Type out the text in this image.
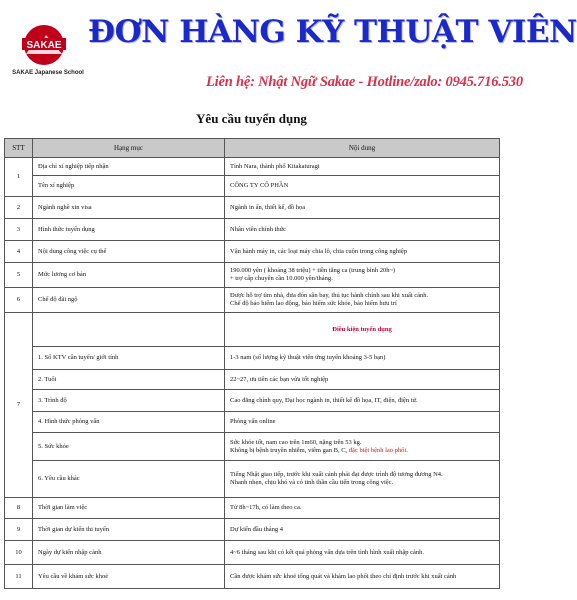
SAKAE
SAKAE Japanese School
ĐƠN HÀNG KỸ THUẬT VIÊN
Liên hệ: Nhật Ngữ Sakae - Hotline/zalo: 0945.716.530
Yêu cầu tuyển dụng
STT	Hạng mục	Nội dung
1	Địa chỉ xí nghiệp tiếp nhận	Tỉnh Nara, thành phố Kitakaturagi
	Tên xí nghiệp	CÔNG TY CỔ PHẦN
2	Ngành nghề xin visa	Ngành in ấn, thiết kế, đồ họa
3	Hình thức tuyển dụng	Nhân viên chính thức
4	Nội dung công việc cụ thể	Vận hành máy in, các loại máy chia lô, chia cuộn trong công nghiệp
5	Mức lương cơ bản	190.000 yên ( khoảng 38 triệu) + tiền tăng ca (trung bình 20h~)
+ trợ cấp chuyên cần 10.000 yên/tháng.

6	Chế độ đãi ngộ	Được hỗ trợ tìm nhà, đưa đón sân bay, thủ tục hành chính sau khi xuất cảnh.
Chế độ bảo hiểm lao động, bảo hiểm sức khỏe, bảo hiểm hưu trí

7		Điều kiện tuyển dụng
	1. Số KTV cần tuyển/ giới tính	1-3 nam (số lượng kỹ thuật viên ứng tuyển khoảng 3-5 bạn)
	2. Tuổi	22~27, ưu tiên các bạn vừa tốt nghiệp
	3. Trình độ	Cao đẳng chính quy, Đại học ngành in, thiết kế đồ họa, IT, điện, điện tử.
	4. Hình thức phỏng vấn	Phỏng vấn online
	5. Sức khỏe	Sức khỏe tốt, nam cao trên 1m60, nặng trên 53 kg.
Không bị bệnh truyền nhiễm, viêm gan B, C, đặc biệt bệnh lao phổi.

	6. Yêu cầu khác	Tiếng Nhật giao tiếp, trước khi xuất cảnh phải đạt được trình độ tương đương N4.
Nhanh nhẹn, chịu khó và có tinh thần cầu tiến trong công việc.

8	Thời gian làm việc	Từ 8h~17h, có làm theo ca.
9	Thời gian dự kiến thi tuyển	Dự kiến đầu tháng 4
10	Ngày dự kiến nhập cảnh	4~6 tháng sau khi có kết quả phỏng vấn dựa trên tình hình xuất nhập cảnh.
11	Yêu cầu về khám sức khoẻ	Cần được khám sức khoẻ tổng quát và khám lao phổi theo chỉ định trước khi xuất cảnh
